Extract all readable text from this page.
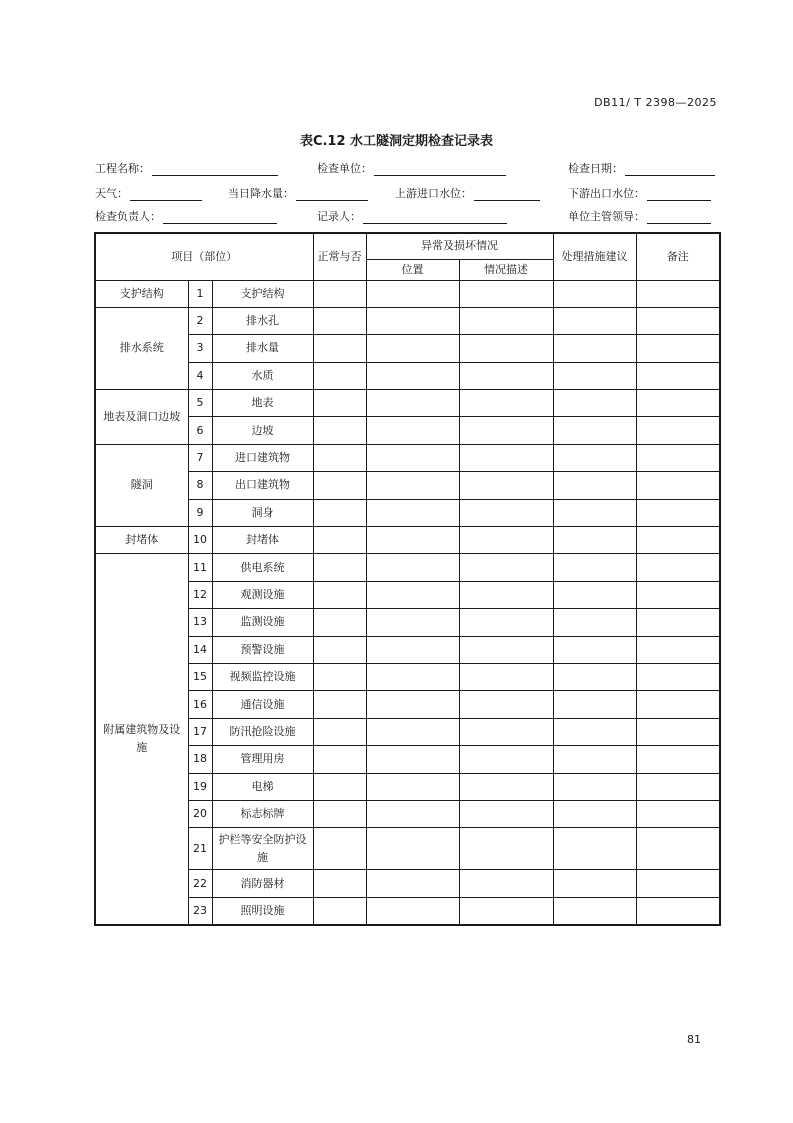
DB11/ T 2398—2025
表C.12 水工隧洞定期检查记录表
工程名称：	检查单位：	检查日期：
天气：	当日降水量：	上游进口水位：	下游出口水位：
检查负责人：	记录人：	单位主管领导：
项目（部位）			正常与否	异常及损坏情况		处理措施建议	备注
				位置	情况描述		
支护结构	1	支护结构					
排水系统	2	排水孔					
	3	排水量					
	4	水质					
地表及洞口边坡	5	地表					
	6	边坡					
隧洞	7	进口建筑物					
	8	出口建筑物					
	9	洞身					
封堵体	10	封堵体					
附属建筑物及设施	11	供电系统					
	12	观测设施					
	13	监测设施					
	14	预警设施					
	15	视频监控设施					
	16	通信设施					
	17	防汛抢险设施					
	18	管理用房					
	19	电梯					
	20	标志标牌					
	21	护栏等安全防护设施					
	22	消防器材					
	23	照明设施					
81
